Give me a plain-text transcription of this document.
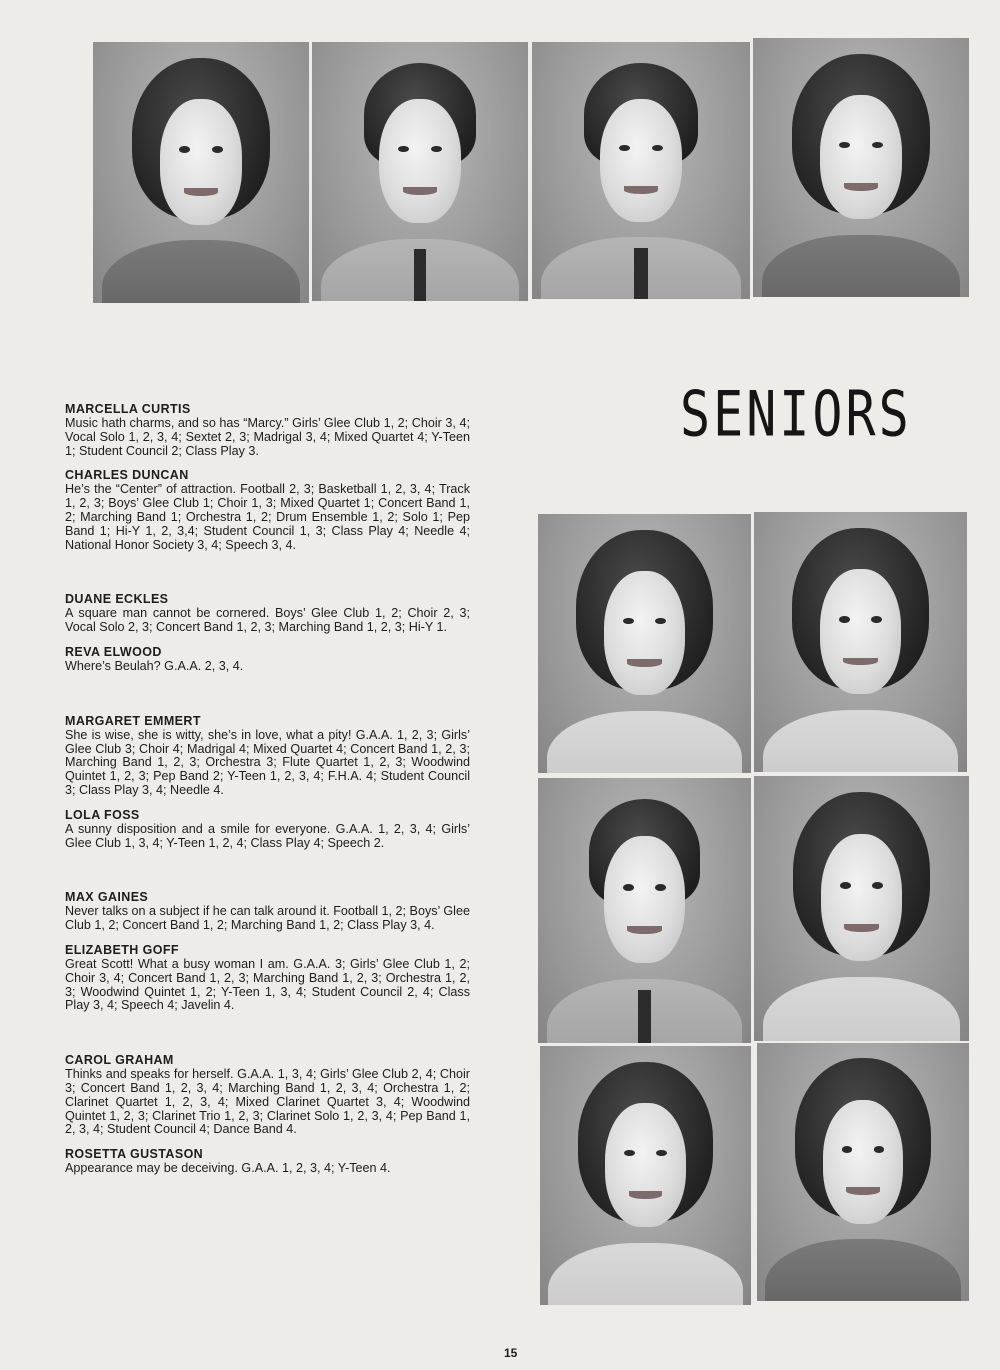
SENIORS
MARCELLA CURTIS
Music hath charms, and so has “Marcy.” Girls’ Glee Club 1, 2; Choir 3, 4; Vocal Solo 1, 2, 3, 4; Sextet 2, 3; Madrigal 3, 4; Mixed Quartet 4; Y-Teen 1; Student Council 2; Class Play 3.
CHARLES DUNCAN
He’s the “Center” of attraction. Football 2, 3; Basketball 1, 2, 3, 4; Track 1, 2, 3; Boys’ Glee Club 1; Choir 1, 3; Mixed Quartet 1; Concert Band 1, 2; Marching Band 1; Orchestra 1, 2; Drum Ensemble 1, 2; Solo 1; Pep Band 1; Hi-Y 1, 2, 3,4; Student Council 1, 3; Class Play 4; Needle 4; National Honor Society 3, 4; Speech 3, 4.
DUANE ECKLES
A square man cannot be cornered. Boys’ Glee Club 1, 2; Choir 2, 3; Vocal Solo 2, 3; Concert Band 1, 2, 3; Marching Band 1, 2, 3; Hi-Y 1.
REVA ELWOOD
Where’s Beulah? G.A.A. 2, 3, 4.
MARGARET EMMERT
She is wise, she is witty, she’s in love, what a pity! G.A.A. 1, 2, 3; Girls’ Glee Club 3; Choir 4; Madrigal 4; Mixed Quartet 4; Concert Band 1, 2, 3; Marching Band 1, 2, 3; Orchestra 3; Flute Quartet 1, 2, 3; Woodwind Quintet 1, 2, 3; Pep Band 2; Y-Teen 1, 2, 3, 4; F.H.A. 4; Student Council 3; Class Play 3, 4; Needle 4.
LOLA FOSS
A sunny disposition and a smile for everyone. G.A.A. 1, 2, 3, 4; Girls’ Glee Club 1, 3, 4; Y-Teen 1, 2, 4; Class Play 4; Speech 2.
MAX GAINES
Never talks on a subject if he can talk around it. Football 1, 2; Boys’ Glee Club 1, 2; Concert Band 1, 2; Marching Band 1, 2; Class Play 3, 4.
ELIZABETH GOFF
Great Scott! What a busy woman I am. G.A.A. 3; Girls’ Glee Club 1, 2; Choir 3, 4; Concert Band 1, 2, 3; Marching Band 1, 2, 3; Orchestra 1, 2, 3; Woodwind Quintet 1, 2; Y-Teen 1, 3, 4; Student Council 2, 4; Class Play 3, 4; Speech 4; Javelin 4.
CAROL GRAHAM
Thinks and speaks for herself. G.A.A. 1, 3, 4; Girls’ Glee Club 2, 4; Choir 3; Concert Band 1, 2, 3, 4; Marching Band 1, 2, 3, 4; Orchestra 1, 2; Clarinet Quartet 1, 2, 3, 4; Mixed Clarinet Quartet 3, 4; Woodwind Quintet 1, 2, 3; Clarinet Trio 1, 2, 3; Clarinet Solo 1, 2, 3, 4; Pep Band 1, 2, 3, 4; Student Council 4; Dance Band 4.
ROSETTA GUSTASON
Appearance may be deceiving. G.A.A. 1, 2, 3, 4; Y-Teen 4.
15
